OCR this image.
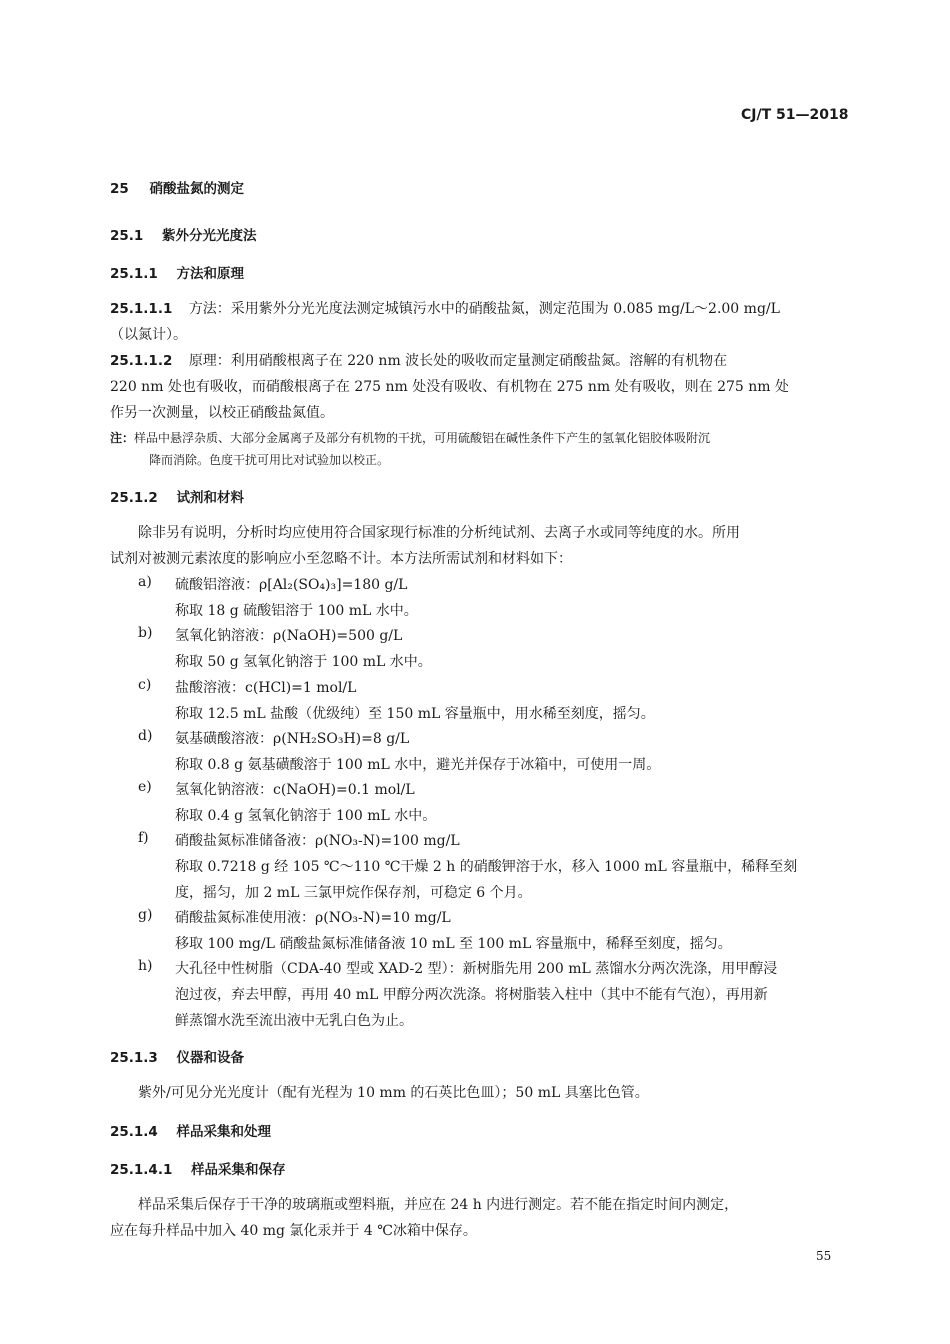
CJ/T 51—2018
25 硝酸盐氮的测定
25.1 紫外分光光度法
25.1.1 方法和原理
25.1.1.1 方法：采用紫外分光光度法测定城镇污水中的硝酸盐氮，测定范围为 0.085 mg/L～2.00 mg/L
（以氮计）。
25.1.1.2 原理：利用硝酸根离子在 220 nm 波长处的吸收而定量测定硝酸盐氮。溶解的有机物在
220 nm 处也有吸收，而硝酸根离子在 275 nm 处没有吸收、有机物在 275 nm 处有吸收，则在 275 nm 处
作另一次测量，以校正硝酸盐氮值。
注：样品中悬浮杂质、大部分金属离子及部分有机物的干扰，可用硫酸铝在碱性条件下产生的氢氧化铝胶体吸附沉
降而消除。色度干扰可用比对试验加以校正。
25.1.2 试剂和材料
除非另有说明，分析时均应使用符合国家现行标准的分析纯试剂、去离子水或同等纯度的水。所用
试剂对被测元素浓度的影响应小至忽略不计。本方法所需试剂和材料如下：
a) 硫酸铝溶液：ρ[Al₂(SO₄)₃]=180 g/L
称取 18 g 硫酸铝溶于 100 mL 水中。
b) 氢氧化钠溶液：ρ(NaOH)=500 g/L
称取 50 g 氢氧化钠溶于 100 mL 水中。
c) 盐酸溶液：c(HCl)=1 mol/L
称取 12.5 mL 盐酸（优级纯）至 150 mL 容量瓶中，用水稀至刻度，摇匀。
d) 氨基磺酸溶液：ρ(NH₂SO₃H)=8 g/L
称取 0.8 g 氨基磺酸溶于 100 mL 水中，避光并保存于冰箱中，可使用一周。
e) 氢氧化钠溶液：c(NaOH)=0.1 mol/L
称取 0.4 g 氢氧化钠溶于 100 mL 水中。
f) 硝酸盐氮标准储备液：ρ(NO₃-N)=100 mg/L
称取 0.7218 g 经 105 ℃～110 ℃干燥 2 h 的硝酸钾溶于水，移入 1000 mL 容量瓶中，稀释至刻
度，摇匀，加 2 mL 三氯甲烷作保存剂，可稳定 6 个月。
g) 硝酸盐氮标准使用液：ρ(NO₃-N)=10 mg/L
移取 100 mg/L 硝酸盐氮标准储备液 10 mL 至 100 mL 容量瓶中，稀释至刻度，摇匀。
h) 大孔径中性树脂（CDA-40 型或 XAD-2 型）：新树脂先用 200 mL 蒸馏水分两次洗涤，用甲醇浸
泡过夜，弃去甲醇，再用 40 mL 甲醇分两次洗涤。将树脂装入柱中（其中不能有气泡），再用新
鲜蒸馏水洗至流出液中无乳白色为止。
25.1.3 仪器和设备
紫外/可见分光光度计（配有光程为 10 mm 的石英比色皿）；50 mL 具塞比色管。
25.1.4 样品采集和处理
25.1.4.1 样品采集和保存
样品采集后保存于干净的玻璃瓶或塑料瓶，并应在 24 h 内进行测定。若不能在指定时间内测定，
应在每升样品中加入 40 mg 氯化汞并于 4 ℃冰箱中保存。
55
